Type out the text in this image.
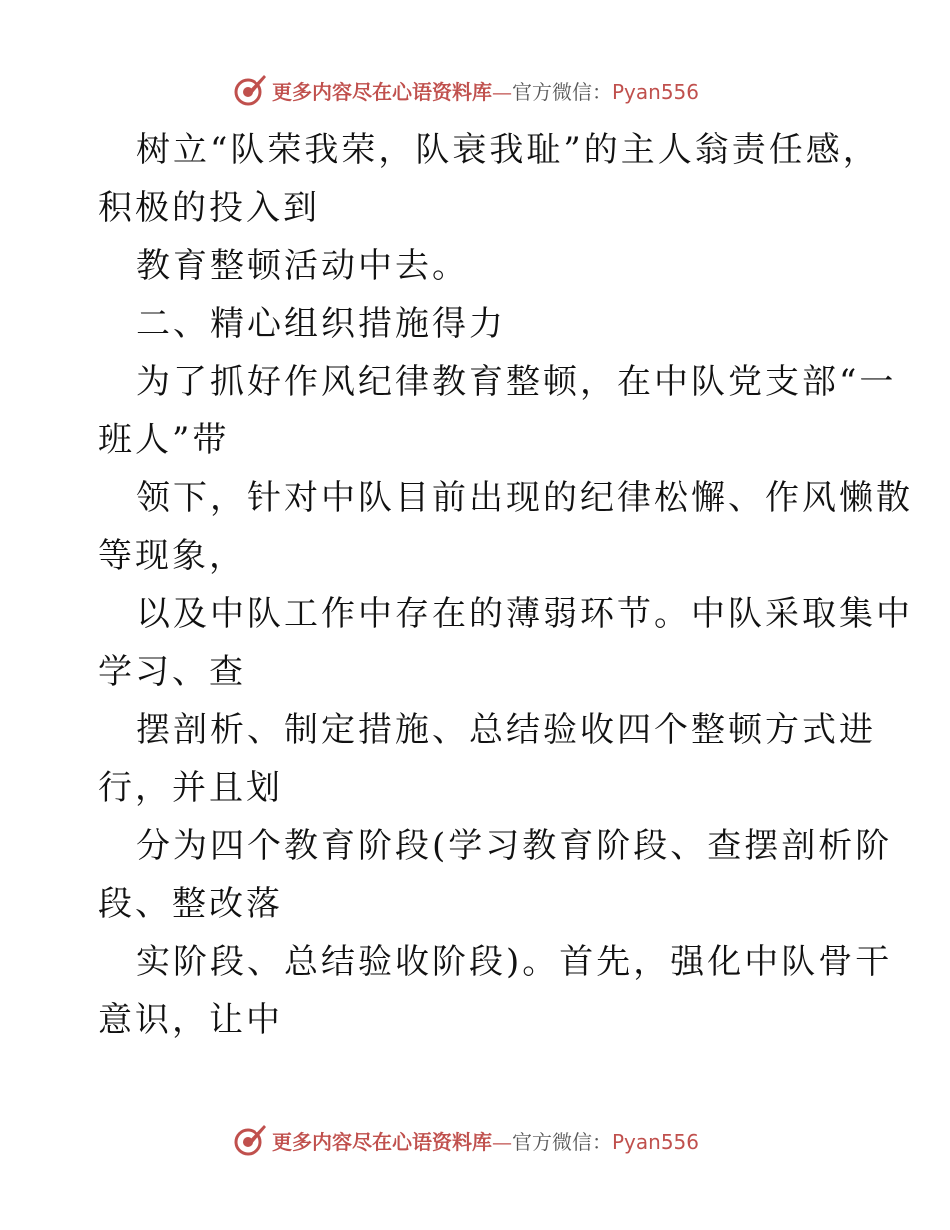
更多内容尽在心语资料库—官方微信：Pyan556
树立“队荣我荣，队衰我耻”的主人翁责任感，
积极的投入到
教育整顿活动中去。
二、精心组织措施得力
为了抓好作风纪律教育整顿，在中队党支部“一
班人”带
领下，针对中队目前出现的纪律松懈、作风懒散
等现象，
以及中队工作中存在的薄弱环节。中队采取集中
学习、查
摆剖析、制定措施、总结验收四个整顿方式进
行，并且划
分为四个教育阶段(学习教育阶段、查摆剖析阶
段、整改落
实阶段、总结验收阶段)。首先，强化中队骨干
意识，让中
更多内容尽在心语资料库—官方微信：Pyan556
